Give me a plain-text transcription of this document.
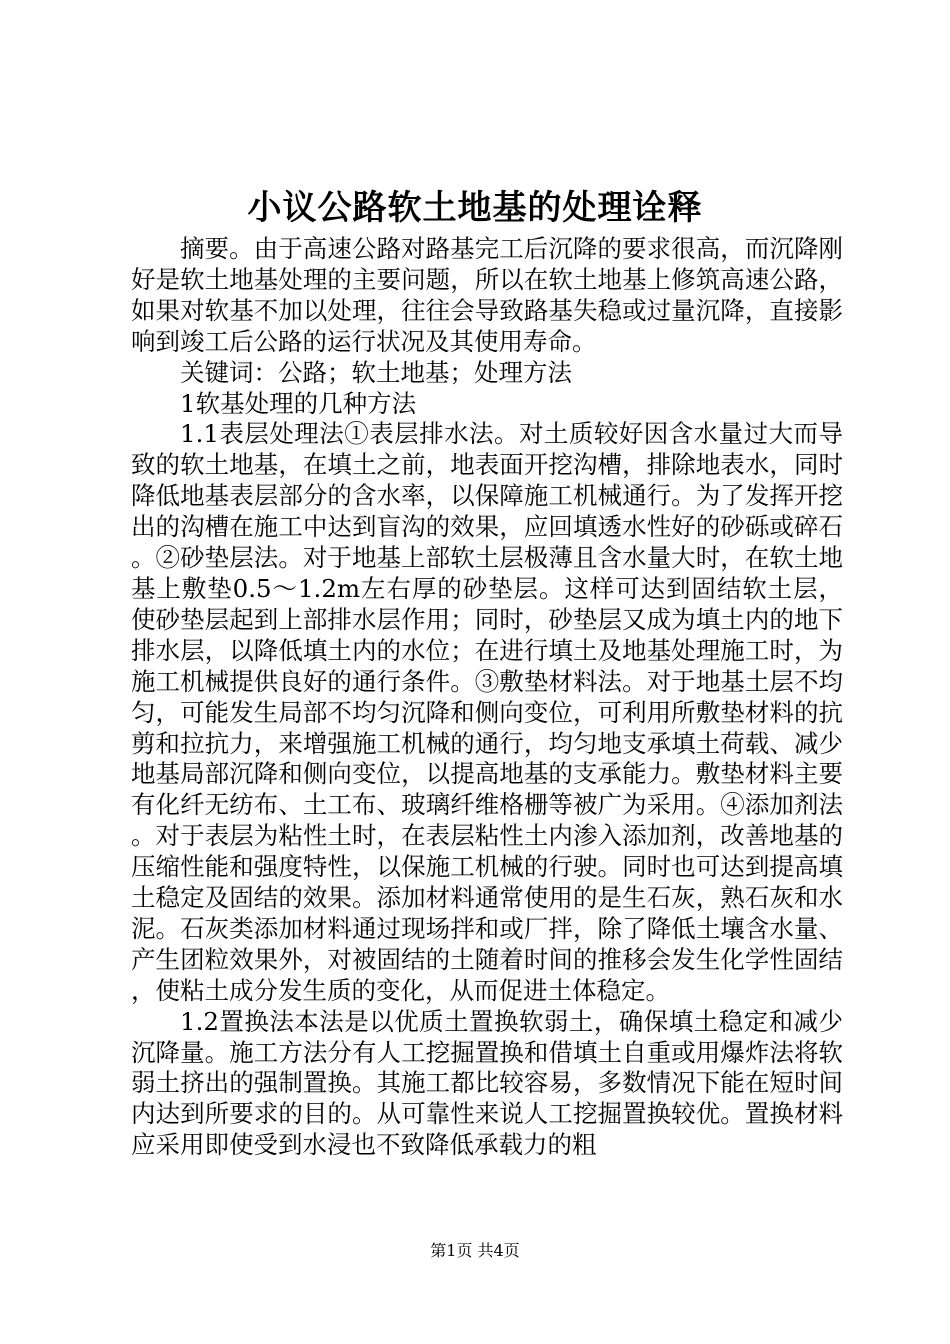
小议公路软土地基的处理诠释

摘要。由于高速公路对路基完工后沉降的要求很高，而沉降刚好是软土地基处理的主要问题，所以在软土地基上修筑高速公路，如果对软基不加以处理，往往会导致路基失稳或过量沉降，直接影响到竣工后公路的运行状况及其使用寿命。

关键词：公路；软土地基；处理方法

1软基处理的几种方法

1.1表层处理法①表层排水法。对土质较好因含水量过大而导致的软土地基，在填土之前，地表面开挖沟槽，排除地表水，同时降低地基表层部分的含水率，以保障施工机械通行。为了发挥开挖出的沟槽在施工中达到盲沟的效果，应回填透水性好的砂砾或碎石。②砂垫层法。对于地基上部软土层极薄且含水量大时，在软土地基上敷垫0.5～1.2m左右厚的砂垫层。这样可达到固结软土层，使砂垫层起到上部排水层作用；同时，砂垫层又成为填土内的地下排水层，以降低填土内的水位；在进行填土及地基处理施工时，为施工机械提供良好的通行条件。③敷垫材料法。对于地基土层不均匀，可能发生局部不均匀沉降和侧向变位，可利用所敷垫材料的抗剪和拉抗力，来增强施工机械的通行，均匀地支承填土荷载、减少地基局部沉降和侧向变位，以提高地基的支承能力。敷垫材料主要有化纤无纺布、土工布、玻璃纤维格栅等被广为采用。④添加剂法。对于表层为粘性土时，在表层粘性土内渗入添加剂，改善地基的压缩性能和强度特性，以保施工机械的行驶。同时也可达到提高填土稳定及固结的效果。添加材料通常使用的是生石灰，熟石灰和水泥。石灰类添加材料通过现场拌和或厂拌，除了降低土壤含水量、产生团粒效果外，对被固结的土随着时间的推移会发生化学性固结，使粘土成分发生质的变化，从而促进土体稳定。

1.2置换法本法是以优质土置换软弱土，确保填土稳定和减少沉降量。施工方法分有人工挖掘置换和借填土自重或用爆炸法将软弱土挤出的强制置换。其施工都比较容易，多数情况下能在短时间内达到所要求的目的。从可靠性来说人工挖掘置换较优。置换材料应采用即使受到水浸也不致降低承载力的粗

第1页 共4页
